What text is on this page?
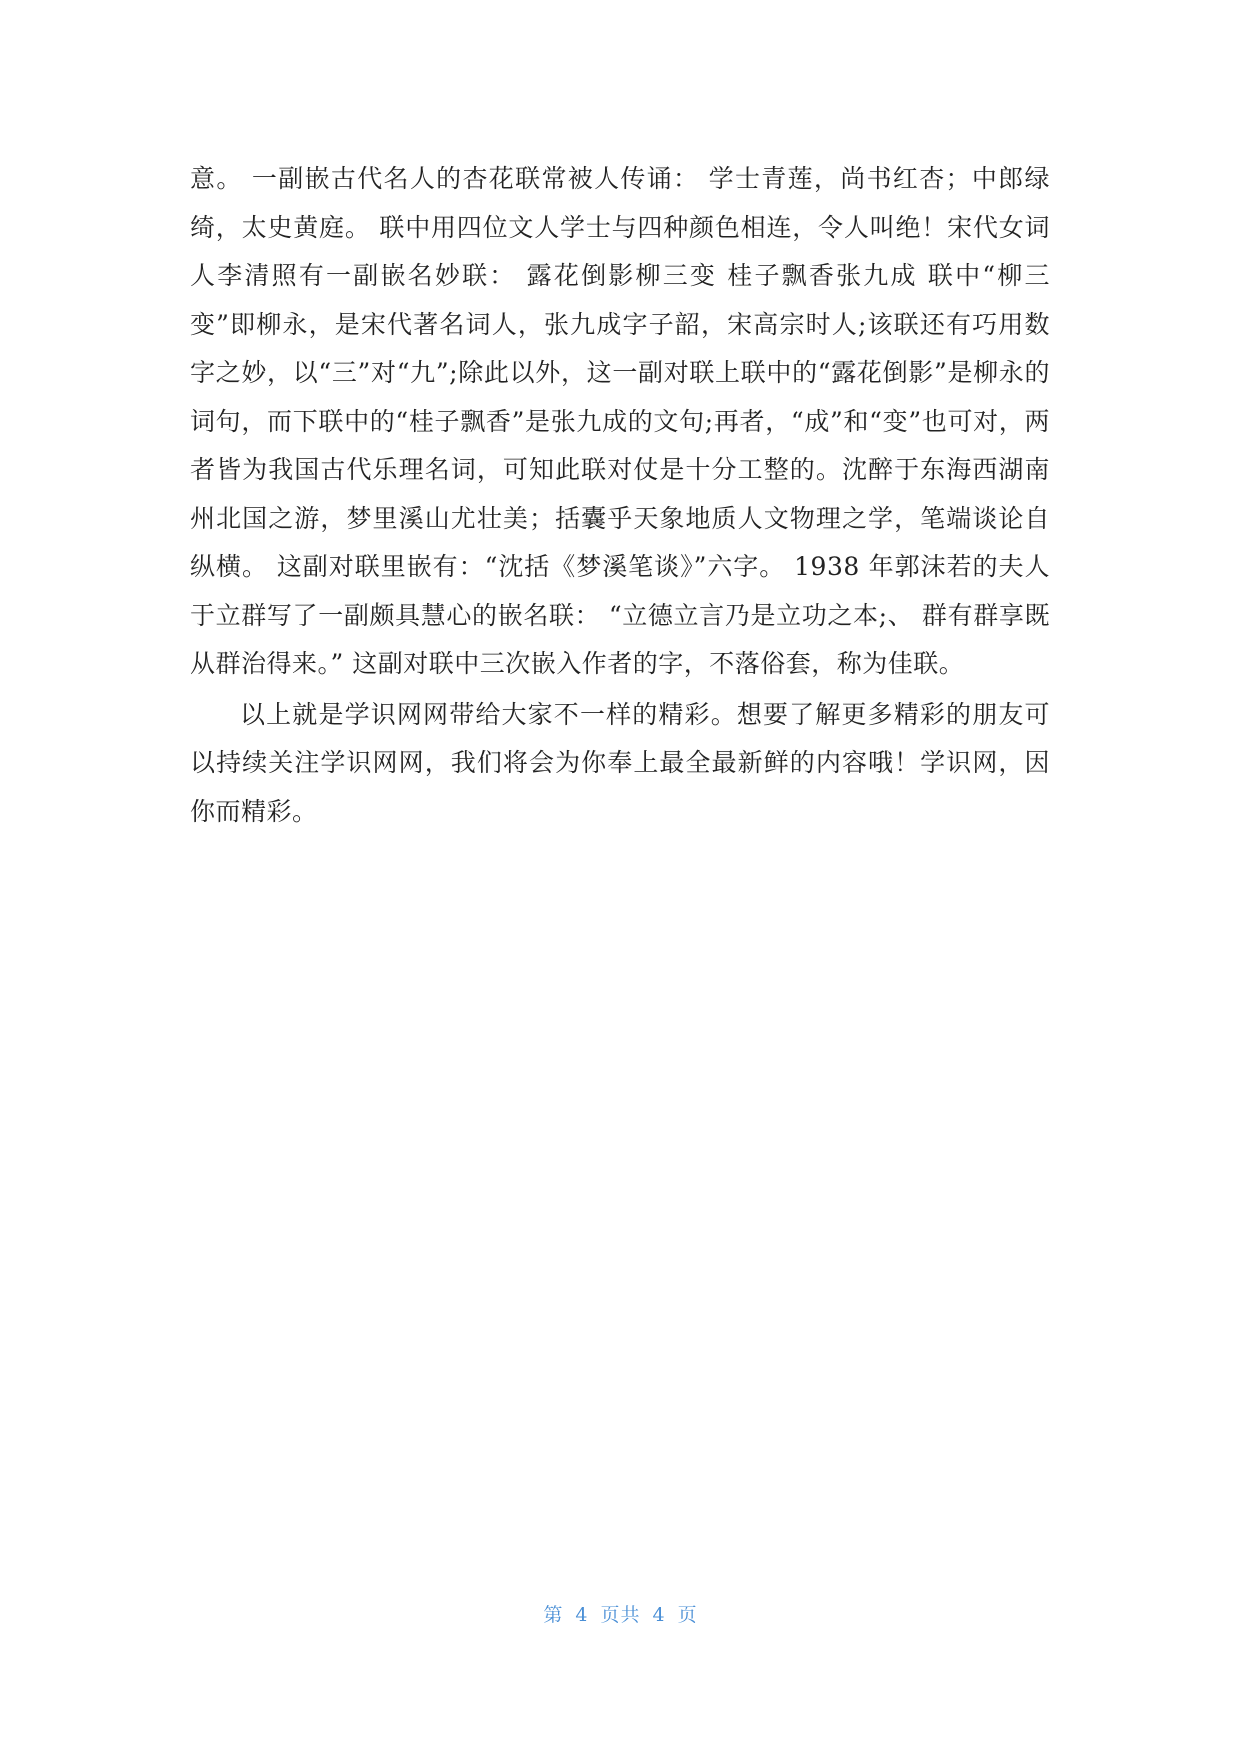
意。 一副嵌古代名人的杏花联常被人传诵： 学士青莲，尚书红杏；中郎绿绮，太史黄庭。 联中用四位文人学士与四种颜色相连，令人叫绝！宋代女词人李清照有一副嵌名妙联： 露花倒影柳三变 桂子飘香张九成 联中“柳三变”即柳永，是宋代著名词人，张九成字子韶，宋高宗时人;该联还有巧用数字之妙，以“三”对“九”;除此以外，这一副对联上联中的“露花倒影”是柳永的词句，而下联中的“桂子飘香”是张九成的文句;再者，“成”和“变”也可对，两者皆为我国古代乐理名词，可知此联对仗是十分工整的。沈醉于东海西湖南州北国之游，梦里溪山尤壮美；括囊乎天象地质人文物理之学，笔端谈论自纵横。 这副对联里嵌有：“沈括《梦溪笔谈》”六字。 1938 年郭沫若的夫人于立群写了一副颇具慧心的嵌名联： “立德立言乃是立功之本;、 群有群享既从群治得来。” 这副对联中三次嵌入作者的字，不落俗套，称为佳联。

以上就是学识网网带给大家不一样的精彩。想要了解更多精彩的朋友可以持续关注学识网网，我们将会为你奉上最全最新鲜的内容哦！学识网，因你而精彩。

第 4 页共 4 页
